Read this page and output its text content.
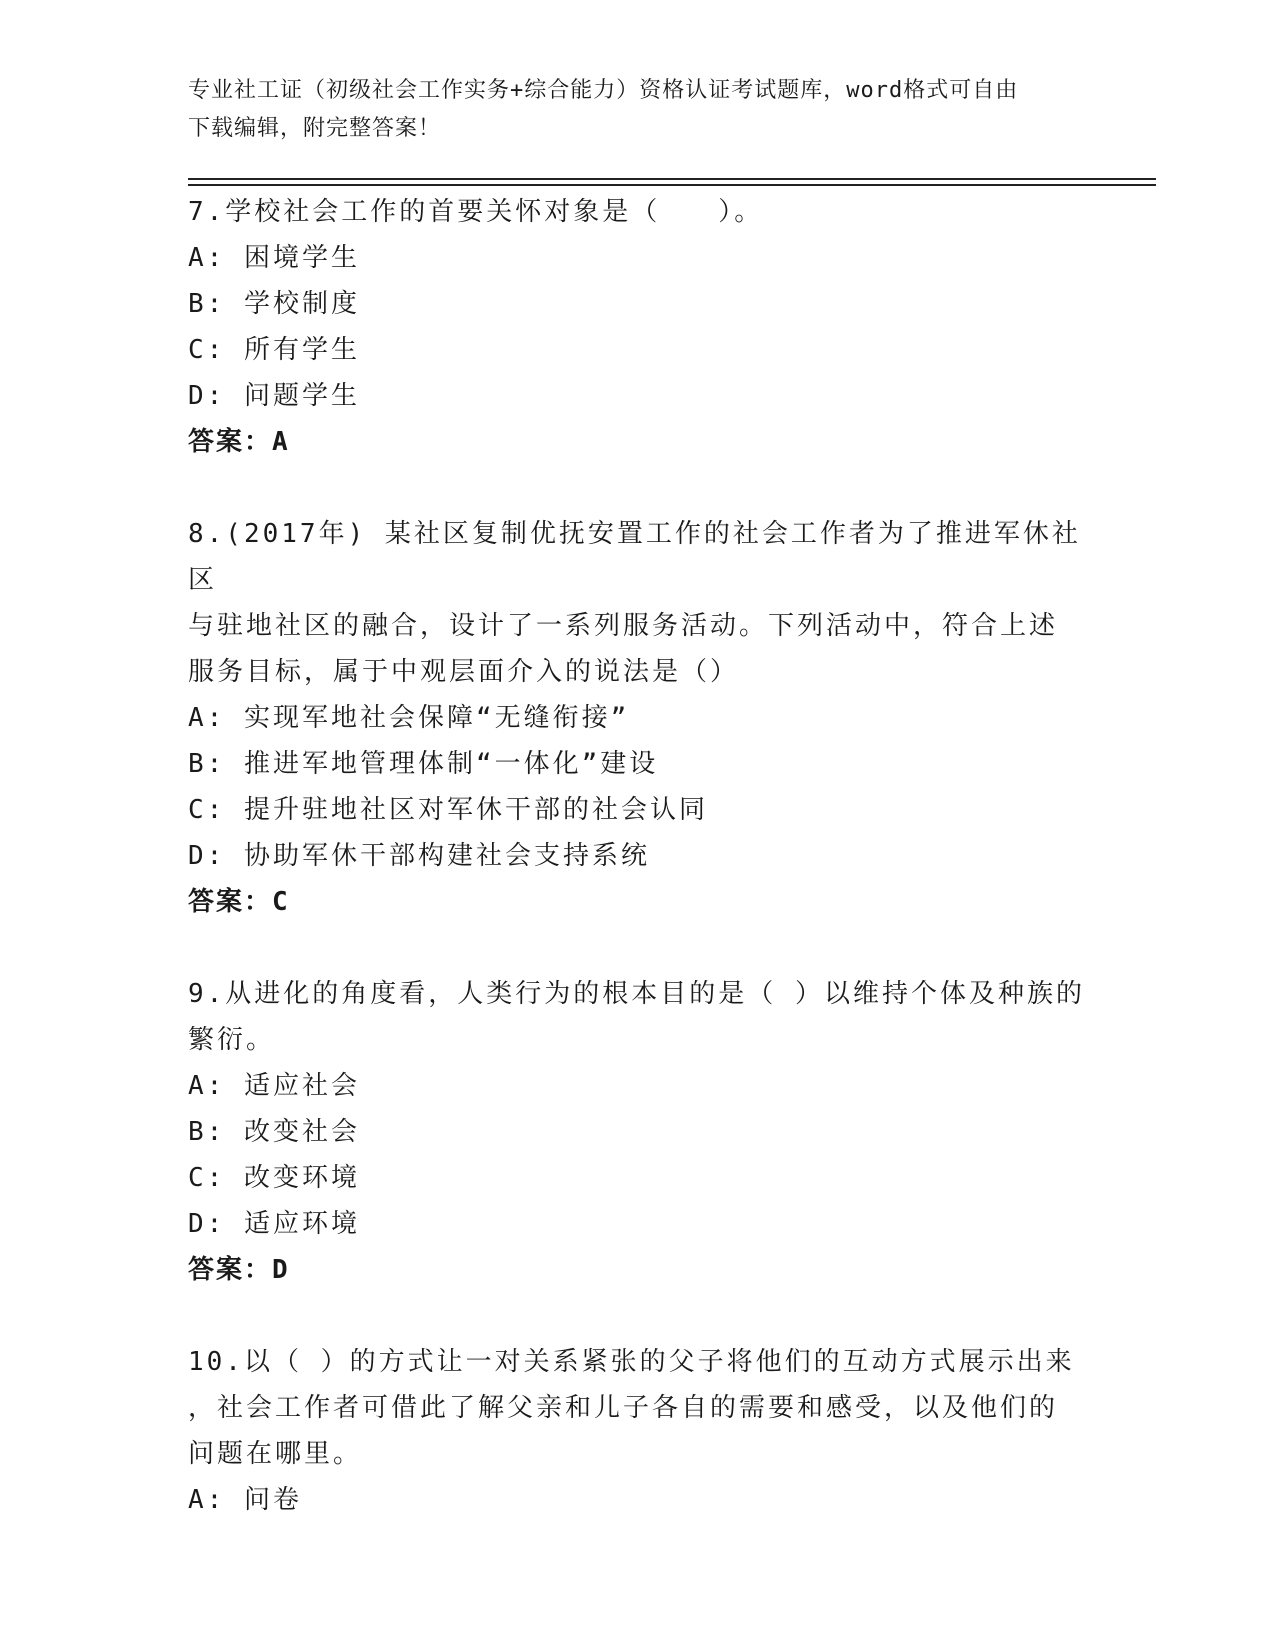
专业社工证（初级社会工作实务+综合能力）资格认证考试题库，word格式可自由
下载编辑，附完整答案！

7.学校社会工作的首要关怀对象是（　　）。

A: 困境学生

B: 学校制度

C: 所有学生

D: 问题学生

答案：A

8.(2017年) 某社区复制优抚安置工作的社会工作者为了推进军休社区

与驻地社区的融合，设计了一系列服务活动。下列活动中，符合上述

服务目标，属于中观层面介入的说法是（）

A: 实现军地社会保障“无缝衔接”

B: 推进军地管理体制“一体化”建设

C: 提升驻地社区对军休干部的社会认同

D: 协助军休干部构建社会支持系统

答案：C

9.从进化的角度看，人类行为的根本目的是（ ）以维持个体及种族的

繁衍。

A: 适应社会

B: 改变社会

C: 改变环境

D: 适应环境

答案：D

10.以（ ）的方式让一对关系紧张的父子将他们的互动方式展示出来

，社会工作者可借此了解父亲和儿子各自的需要和感受，以及他们的

问题在哪里。

A: 问卷
